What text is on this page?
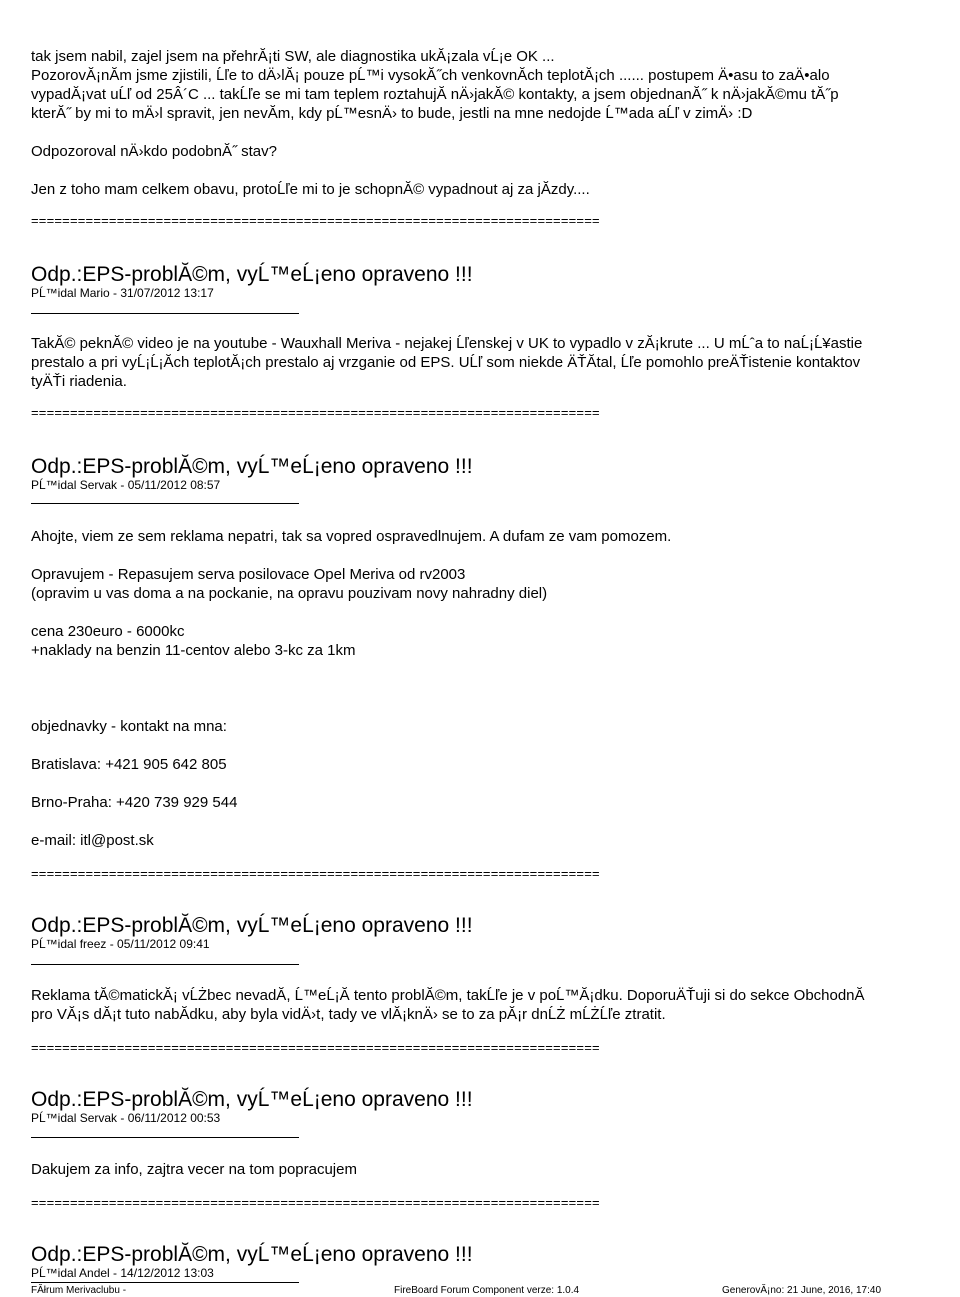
tak jsem nabil, zajel jsem na přehrĂ¡ti SW, ale diagnostika ukĂ¡zala vĹ¡e OK ...
PozorovĂ¡nĂm jsme zjistili, Ĺľe to dÄ›lĂ¡ pouze pĹ™i vysokĂ˝ch venkovnĂch teplotĂ¡ch ...... postupem Ä•asu to zaÄ•alo
vypadĂ¡vat uĹľ od 25Â´C ... takĹľe se mi tam teplem roztahujĂ nÄ›jakĂ© kontakty, a jsem objednanĂ˝ k nÄ›jakĂ©mu tĂ˝p
kterĂ˝ by mi to mÄ›l spravit, jen nevĂm, kdy pĹ™esnÄ› to bude, jestli na mne nedojde Ĺ™ada aĹľ v zimÄ› :D
Odpozoroval nÄ›kdo podobnĂ˝ stav?
Jen z toho mam celkem obavu, protoĹľe mi to je schopnĂ© vypadnout aj za jĂzdy....
=========================================================================
Odp.:EPS-problĂ©m, vyĹ™eĹ¡eno opraveno !!!
PĹ™idal Mario - 31/07/2012 13:17
TakĂ© peknĂ© video je na youtube - Wauxhall Meriva - nejakej Ĺľenskej v UK to vypadlo v zĂ¡krute ... U mĹˆa to naĹ¡Ĺ¥astie
prestalo a pri vyĹ¡Ĺ¡Ăch teplotĂ¡ch prestalo aj vrzganie od EPS. UĹľ som niekde ÄŤĂtal, Ĺľe pomohlo preÄŤistenie kontaktov
tyÄŤi riadenia.
=========================================================================
Odp.:EPS-problĂ©m, vyĹ™eĹ¡eno opraveno !!!
PĹ™idal Servak - 05/11/2012 08:57
Ahojte, viem ze sem reklama nepatri, tak sa vopred ospravedlnujem. A dufam ze vam pomozem.
Opravujem - Repasujem serva posilovace Opel Meriva od rv2003
(opravim u vas doma a na pockanie, na opravu pouzivam novy nahradny diel)
cena 230euro - 6000kc
+naklady na benzin 11-centov alebo 3-kc za 1km
objednavky - kontakt na mna:
Bratislava: +421 905 642 805
Brno-Praha: +420 739 929 544
e-mail: itl@post.sk
=========================================================================
Odp.:EPS-problĂ©m, vyĹ™eĹ¡eno opraveno !!!
PĹ™idal freez - 05/11/2012 09:41
Reklama tĂ©matickĂ¡ vĹŻbec nevadĂ, Ĺ™eĹ¡Ă tento problĂ©m, takĹľe je v poĹ™Ă¡dku. DoporuÄŤuji si do sekce ObchodnĂ
pro VĂ¡s dĂ¡t tuto nabĂdku, aby byla vidÄ›t, tady ve vlĂ¡knÄ› se to za pĂ¡r dnĹŻ mĹŻĹľe ztratit.
=========================================================================
Odp.:EPS-problĂ©m, vyĹ™eĹ¡eno opraveno !!!
PĹ™idal Servak - 06/11/2012 00:53
Dakujem za info, zajtra vecer na tom popracujem
=========================================================================
Odp.:EPS-problĂ©m, vyĹ™eĹ¡eno opraveno !!!
PĹ™idal Andel - 14/12/2012 13:03
FĂłrum Merivaclubu -	FireBoard Forum Component verze: 1.0.4	GenerovĂ¡no: 21 June, 2016, 17:40
